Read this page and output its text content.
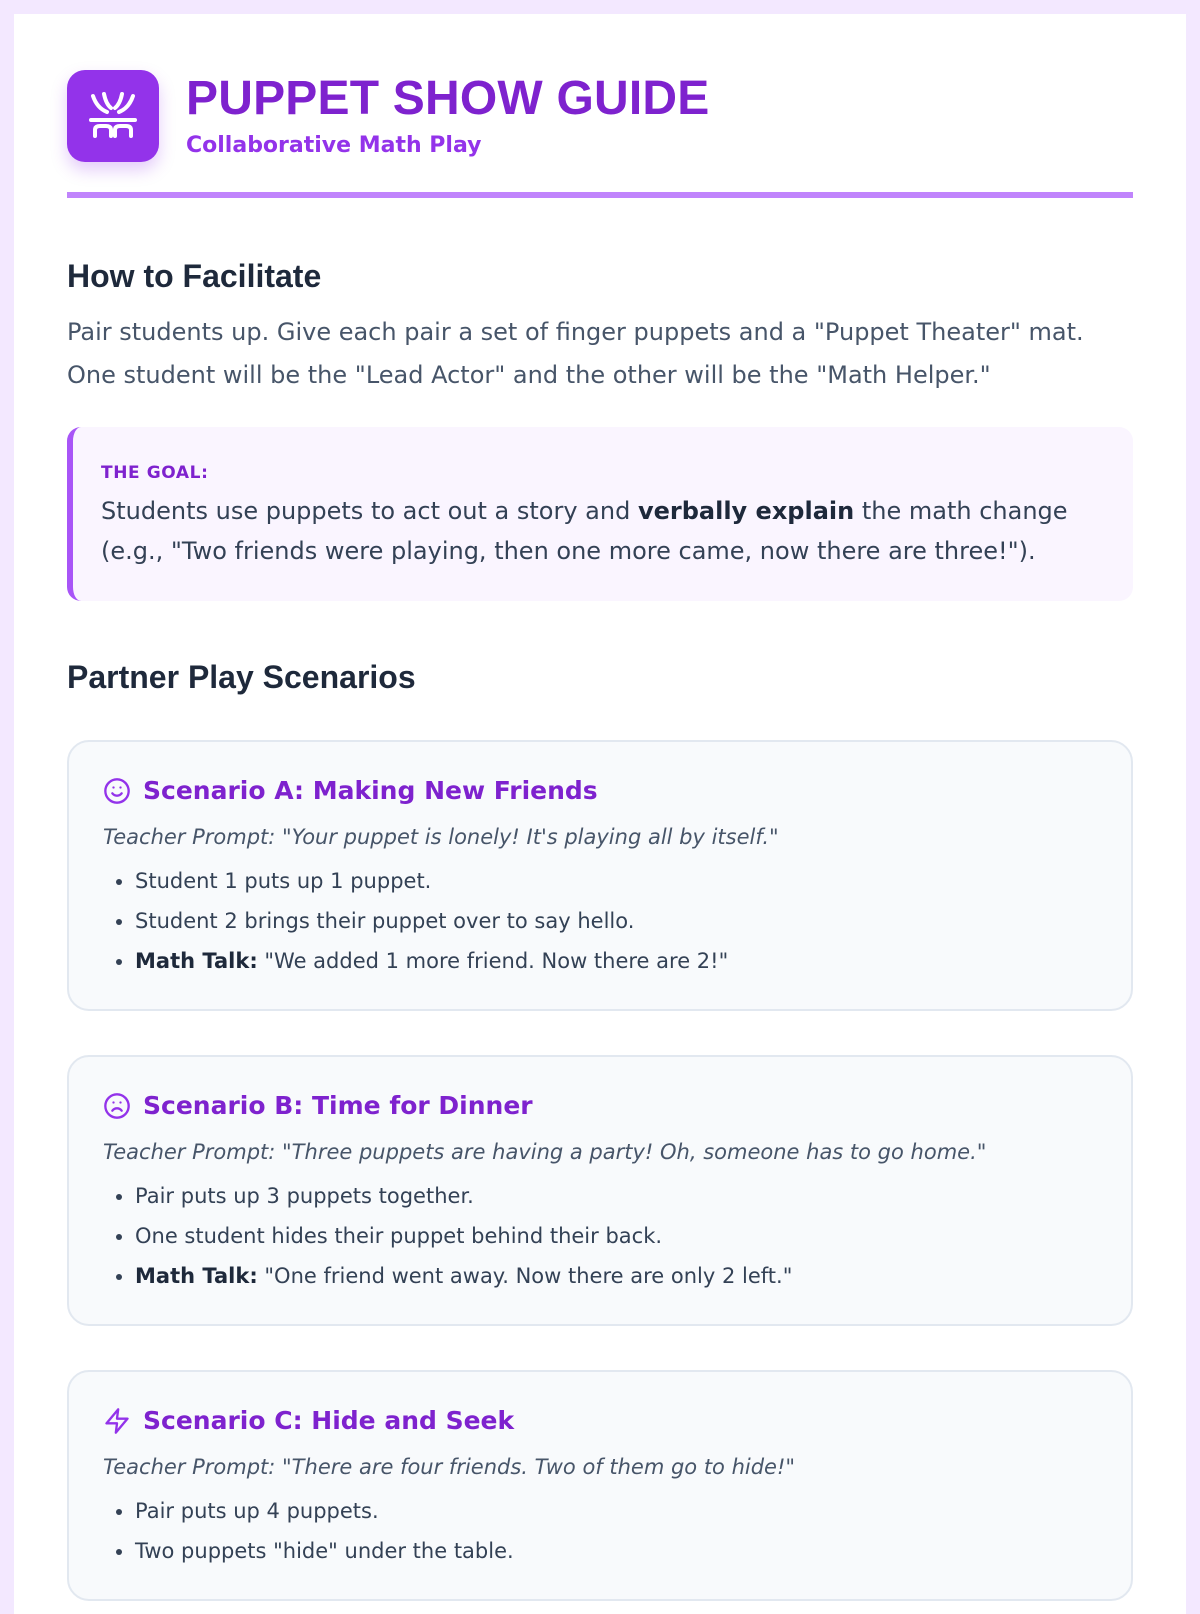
PUPPET SHOW GUIDE
Collaborative Math Play
How to Facilitate

Pair students up. Give each pair a set of finger puppets and a "Puppet Theater" mat. One student will be the "Lead Actor" and the other will be the "Math Helper."

THE GOAL:
Students use puppets to act out a story and verbally explain the math change (e.g., "Two friends were playing, then one more came, now there are three!").
Partner Play Scenarios
Scenario A: Making New Friends
Teacher Prompt: "Your puppet is lonely! It's playing all by itself."
• Student 1 puts up 1 puppet.
• Student 2 brings their puppet over to say hello.
• Math Talk: "We added 1 more friend. Now there are 2!"
Scenario B: Time for Dinner
Teacher Prompt: "Three puppets are having a party! Oh, someone has to go home."
• Pair puts up 3 puppets together.
• One student hides their puppet behind their back.
• Math Talk: "One friend went away. Now there are only 2 left."
Scenario C: Hide and Seek
Teacher Prompt: "There are four friends. Two of them go to hide!"
• Pair puts up 4 puppets.
• Two puppets "hide" under the table.
